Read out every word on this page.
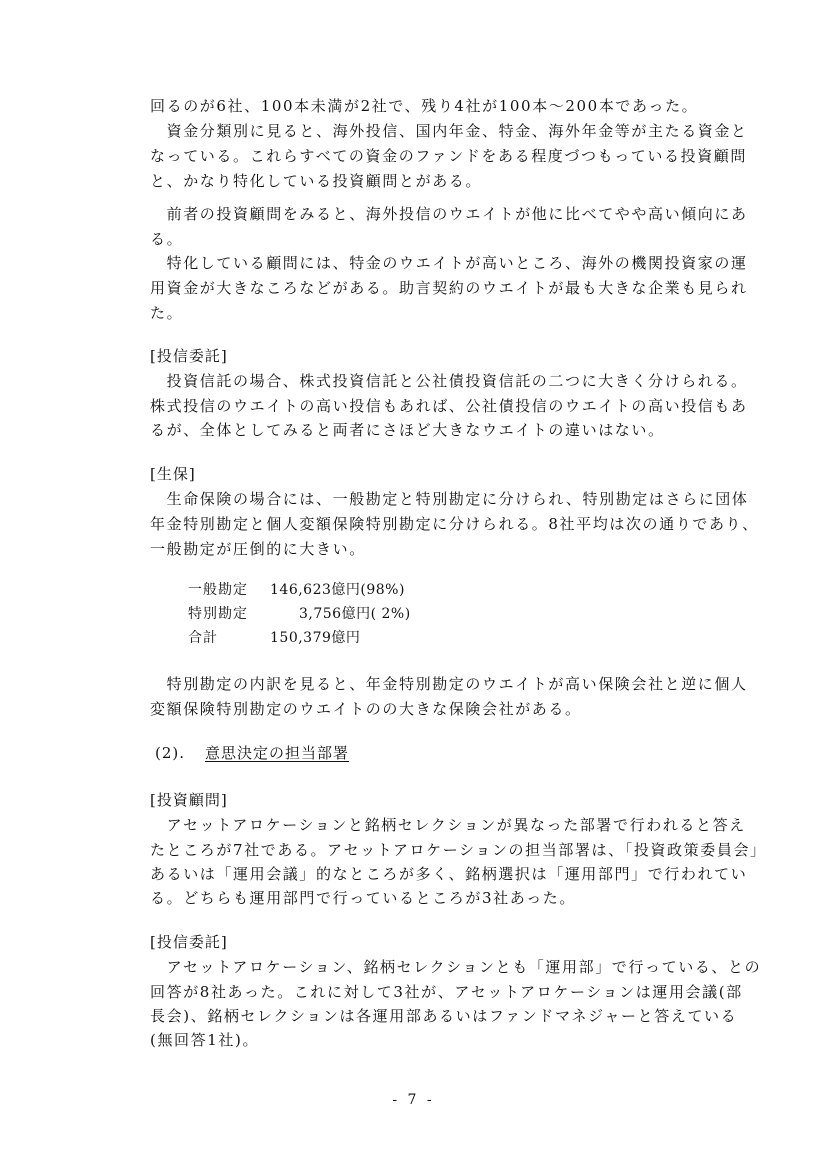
回るのが6社、100本未満が2社で、残り4社が100本〜200本であった。
　資金分類別に見ると、海外投信、国内年金、特金、海外年金等が主たる資金と
なっている。これらすべての資金のファンドをある程度づつもっている投資顧問
と、かなり特化している投資顧問とがある。
　前者の投資顧問をみると、海外投信のウエイトが他に比べてやや高い傾向にあ
る。
　特化している顧問には、特金のウエイトが高いところ、海外の機関投資家の運
用資金が大きなころなどがある。助言契約のウエイトが最も大きな企業も見られ
た。
[投信委託]
　投資信託の場合、株式投資信託と公社債投資信託の二つに大きく分けられる。
株式投信のウエイトの高い投信もあれば、公社債投信のウエイトの高い投信もあ
るが、全体としてみると両者にさほど大きなウエイトの違いはない。
[生保]
　生命保険の場合には、一般勘定と特別勘定に分けられ、特別勘定はさらに団体
年金特別勘定と個人変額保険特別勘定に分けられる。8社平均は次の通りであり、
一般勘定が圧倒的に大きい。
一般勘定 146,623億円(98%)
特別勘定 　　3,756億円( 2%)
合計	150,379億円
　特別勘定の内訳を見ると、年金特別勘定のウエイトが高い保険会社と逆に個人
変額保険特別勘定のウエイトのの大きな保険会社がある。
(2). 意思決定の担当部署
[投資顧問]
　アセットアロケーションと銘柄セレクションが異なった部署で行われると答え
たところが7社である。アセットアロケーションの担当部署は、「投資政策委員会」
あるいは「運用会議」的なところが多く、銘柄選択は「運用部門」で行われてい
る。どちらも運用部門で行っているところが3社あった。
[投信委託]
　アセットアロケーション、銘柄セレクションとも「運用部」で行っている、との
回答が8社あった。これに対して3社が、アセットアロケーションは運用会議(部
長会)、銘柄セレクションは各運用部あるいはファンドマネジャーと答えている
(無回答1社)。
- 7 -
